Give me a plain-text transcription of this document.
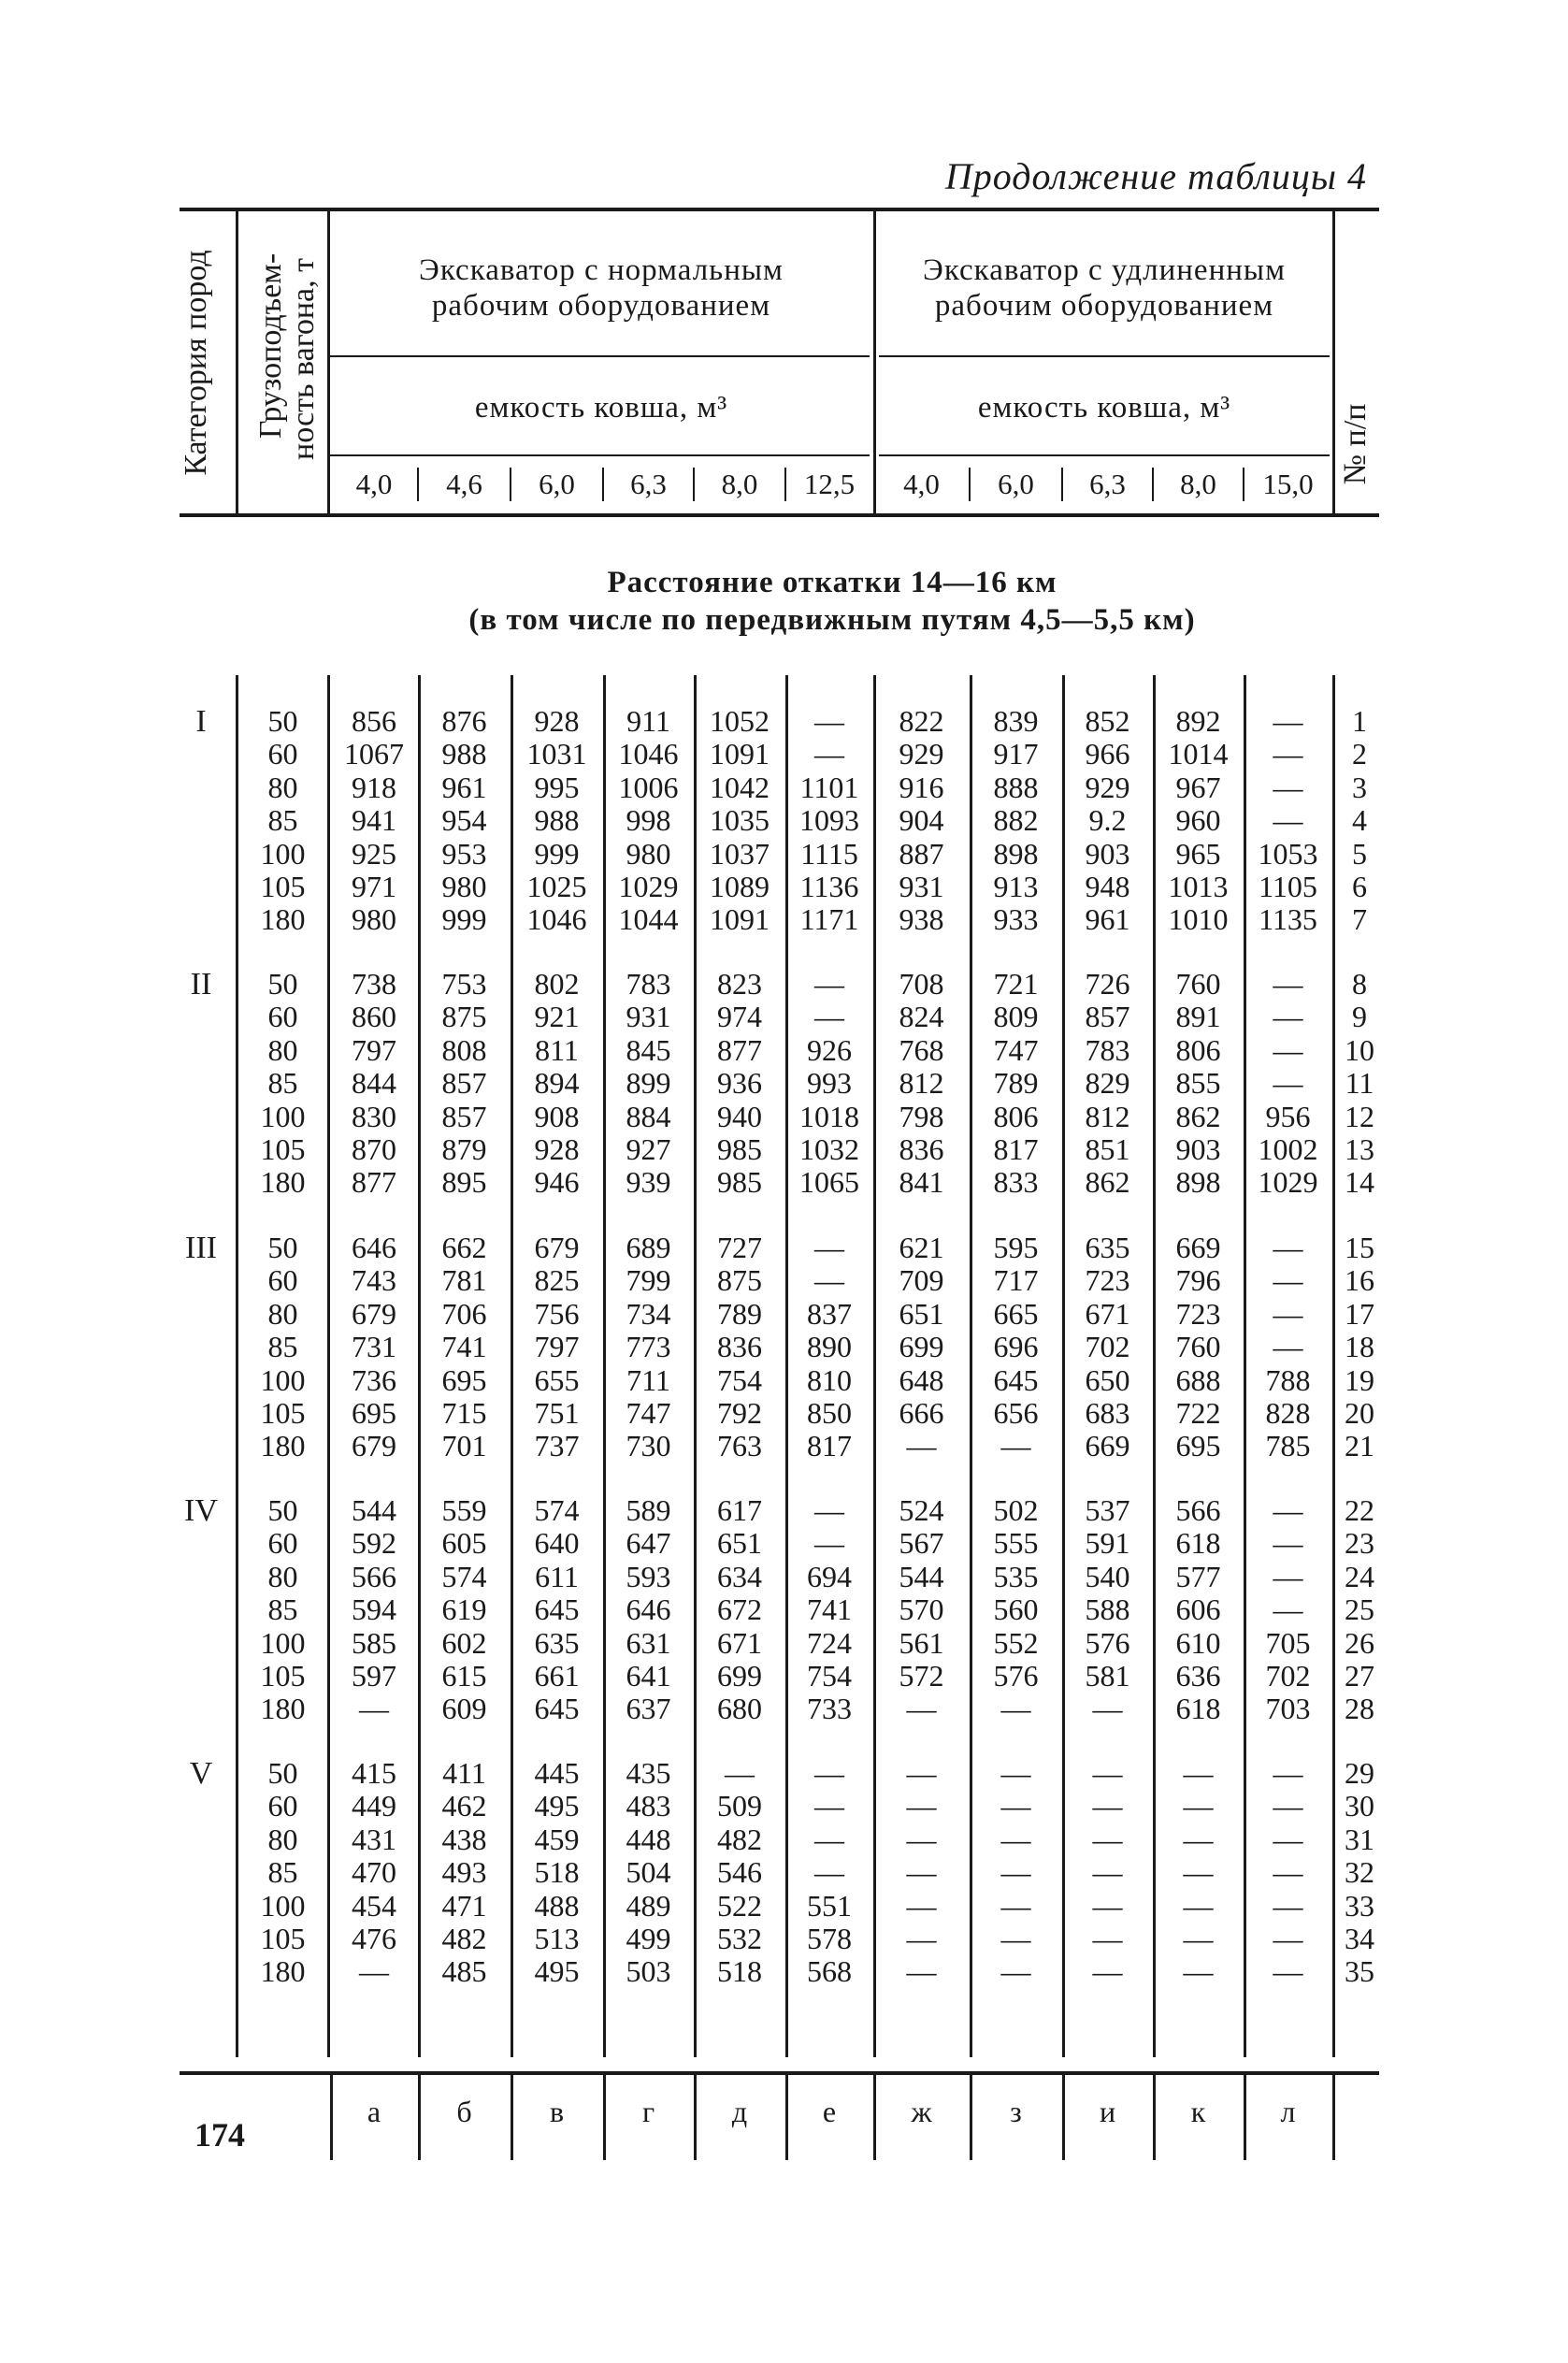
Продолжение таблицы 4
Категория пород Грузоподъем-
ность вагона, т	№ п/п
Экскаватор с нормальным
рабочим оборудованием
Экскаватор с удлиненным
рабочим оборудованием
емкость ковша, м³	емкость ковша, м³
4,0	4,6	6,0	6,3	8,0	12,5	4,0	6,0	6,3	8,0	15,0
Расстояние откатки 14—16 км
(в том числе по передвижным путям 4,5—5,5 км)
I	50	856	876	928	911	1052	—	822	839	852	892	—	1
60	1067	988	1031	1046	1091	—	929	917	966	1014	—	2
80	918	961	995	1006	1042	1101	916	888	929	967	—	3
85	941	954	988	998	1035	1093	904	882	9.2	960	—	4
100	925	953	999	980	1037	1115	887	898	903	965	1053	5
105	971	980	1025	1029	1089	1136	931	913	948	1013	1105	6
180	980	999	1046	1044	1091	1171	938	933	961	1010	1135	7
II	50	738	753	802	783	823	—	708	721	726	760	—	8
60	860	875	921	931	974	—	824	809	857	891	—	9
80	797	808	811	845	877	926	768	747	783	806	—	10
85	844	857	894	899	936	993	812	789	829	855	—	11
100	830	857	908	884	940	1018	798	806	812	862	956	12
105	870	879	928	927	985	1032	836	817	851	903	1002 13
180	877	895	946	939	985	1065	841	833	862	898	1029 14
III	50	646	662	679	689	727	—	621	595	635	669	—	15
60	743	781	825	799	875	—	709	717	723	796	—	16
80	679	706	756	734	789	837	651	665	671	723	—	17
85	731	741	797	773	836	890	699	696	702	760	—	18
100	736	695	655	711	754	810	648	645	650	688	788	19
105	695	715	751	747	792	850	666	656	683	722	828	20
180	679	701	737	730	763	817	—	—	669	695	785	21
IV	50	544	559	574	589	617	—	524	502	537	566	—	22
60	592	605	640	647	651	—	567	555	591	618	—	23
80	566	574	611	593	634	694	544	535	540	577	—	24
85	594	619	645	646	672	741	570	560	588	606	—	25
100	585	602	635	631	671	724	561	552	576	610	705	26
105	597	615	661	641	699	754	572	576	581	636	702	27
180	—	609	645	637	680	733	—	—	—	618	703	28
V	50	415	411	445	435	—	—	—	—	—	—	—	29
60	449	462	495	483	509	—	—	—	—	—	—	30
80	431	438	459	448	482	—	—	—	—	—	—	31
85	470	493	518	504	546	—	—	—	—	—	—	32
100	454	471	488	489	522	551	—	—	—	—	—	33
105	476	482	513	499	532	578	—	—	—	—	—	34
180	—	485	495	503	518	568	—	—	—	—	—	35
а	б	в	г	д	е	ж	з	и	к	л
174
